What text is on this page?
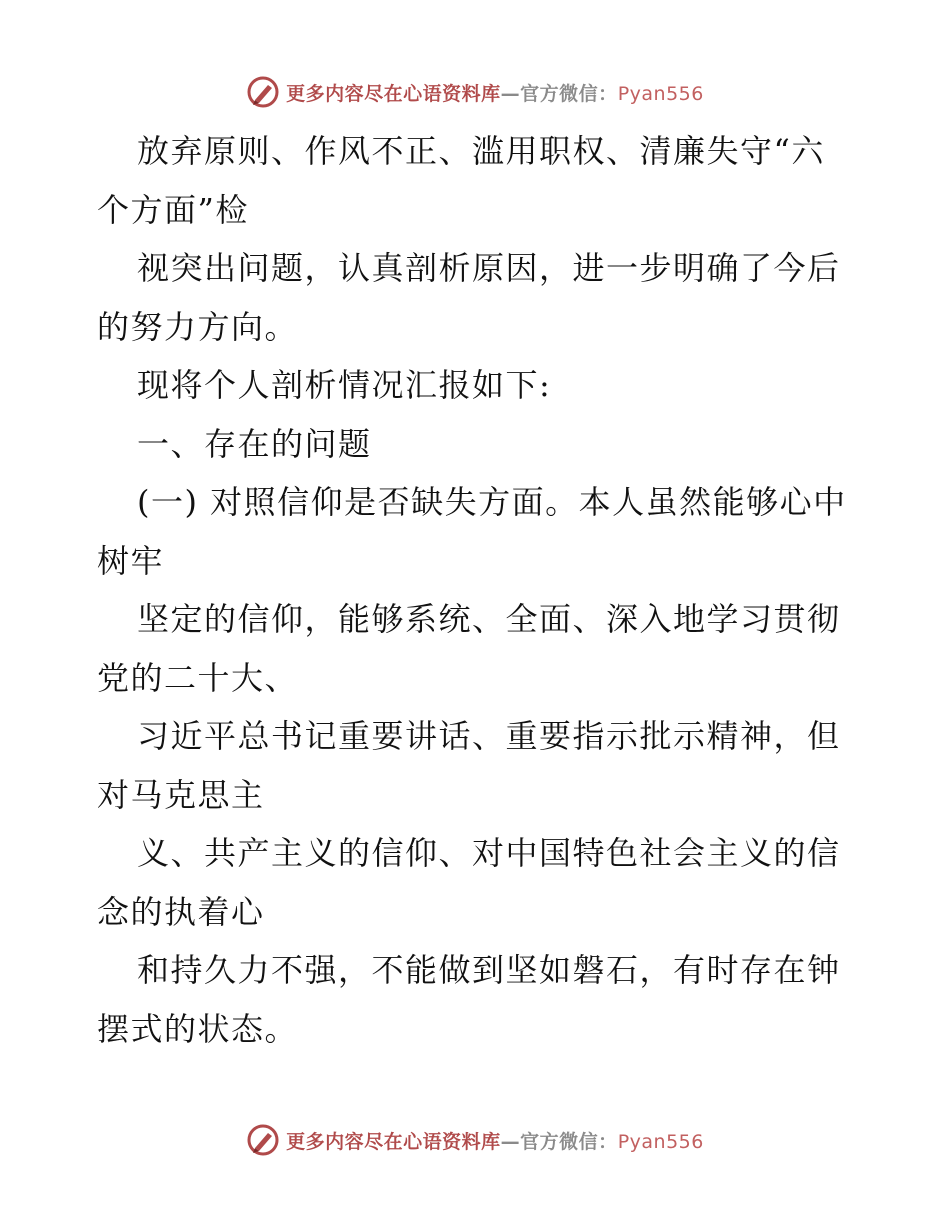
更多内容尽在心语资料库—官方微信：Pyan556
放弃原则、作风不正、滥用职权、清廉失守“六
个方面”检
视突出问题，认真剖析原因，进一步明确了今后
的努力方向。
现将个人剖析情况汇报如下:
一、存在的问题
(一) 对照信仰是否缺失方面。本人虽然能够心中
树牢
坚定的信仰，能够系统、全面、深入地学习贯彻
党的二十大、
习近平总书记重要讲话、重要指示批示精神，但
对马克思主
义、共产主义的信仰、对中国特色社会主义的信
念的执着心
和持久力不强，不能做到坚如磐石，有时存在钟
摆式的状态。
更多内容尽在心语资料库—官方微信：Pyan556
